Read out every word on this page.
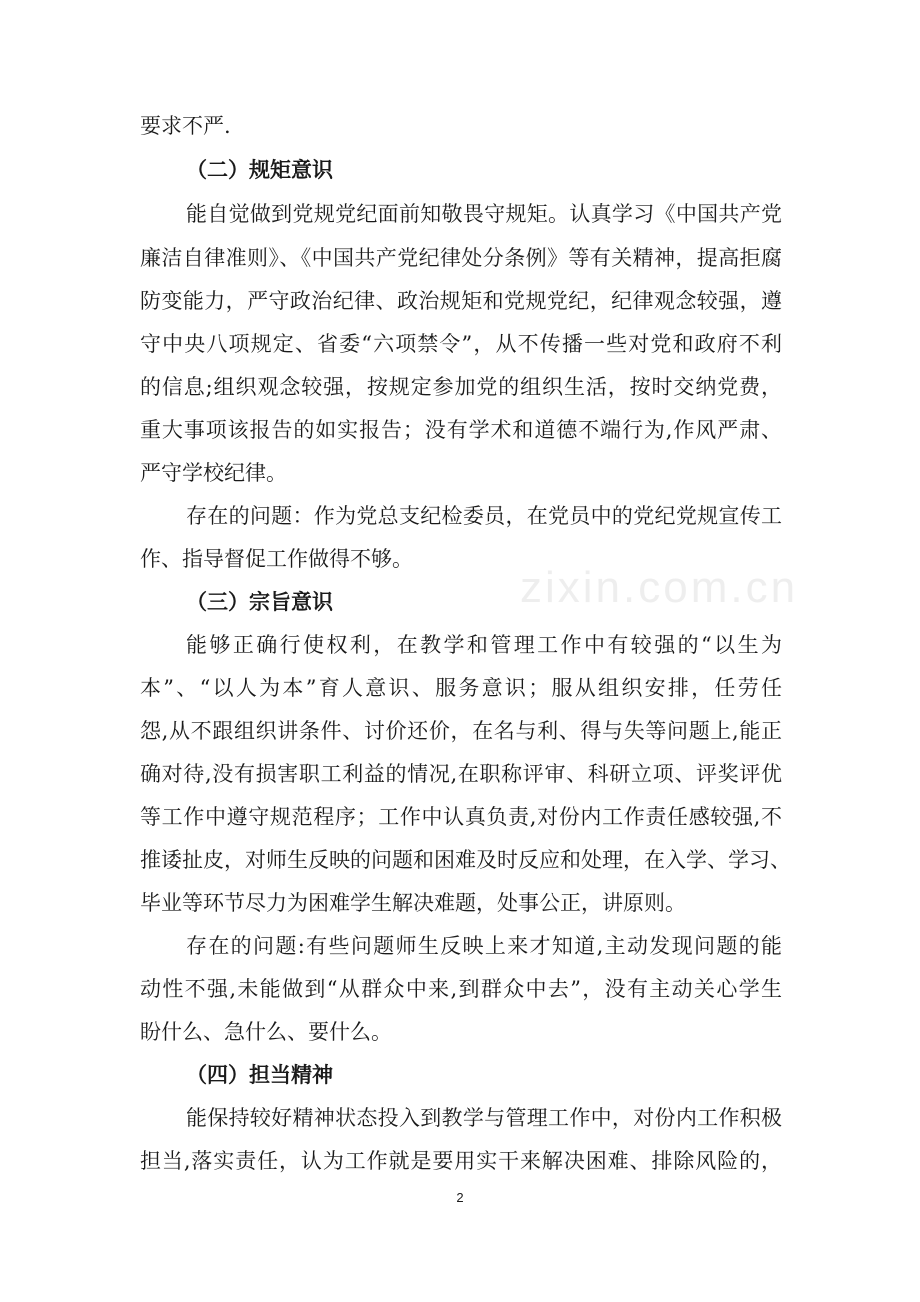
zixin.com.cn
要求不严.
（二）规矩意识
能自觉做到党规党纪面前知敬畏守规矩。认真学习《中国共产党
廉洁自律准则》、《中国共产党纪律处分条例》等有关精神，提高拒腐
防变能力，严守政治纪律、政治规矩和党规党纪，纪律观念较强，遵
守中央八项规定、省委“六项禁令”，从不传播一些对党和政府不利
的信息;组织观念较强，按规定参加党的组织生活，按时交纳党费，
重大事项该报告的如实报告；没有学术和道德不端行为,作风严肃、
严守学校纪律。
存在的问题：作为党总支纪检委员，在党员中的党纪党规宣传工
作、指导督促工作做得不够。
（三）宗旨意识
能够正确行使权利，在教学和管理工作中有较强的“以生为
本”、“以人为本”育人意识、服务意识；服从组织安排，任劳任
怨,从不跟组织讲条件、讨价还价，在名与利、得与失等问题上,能正
确对待,没有损害职工利益的情况,在职称评审、科研立项、评奖评优
等工作中遵守规范程序；工作中认真负责,对份内工作责任感较强,不
推诿扯皮，对师生反映的问题和困难及时反应和处理，在入学、学习、
毕业等环节尽力为困难学生解决难题，处事公正，讲原则。
存在的问题:有些问题师生反映上来才知道,主动发现问题的能
动性不强,未能做到“从群众中来,到群众中去”，没有主动关心学生
盼什么、急什么、要什么。
（四）担当精神
能保持较好精神状态投入到教学与管理工作中，对份内工作积极
担当,落实责任，认为工作就是要用实干来解决困难、排除风险的，
2
